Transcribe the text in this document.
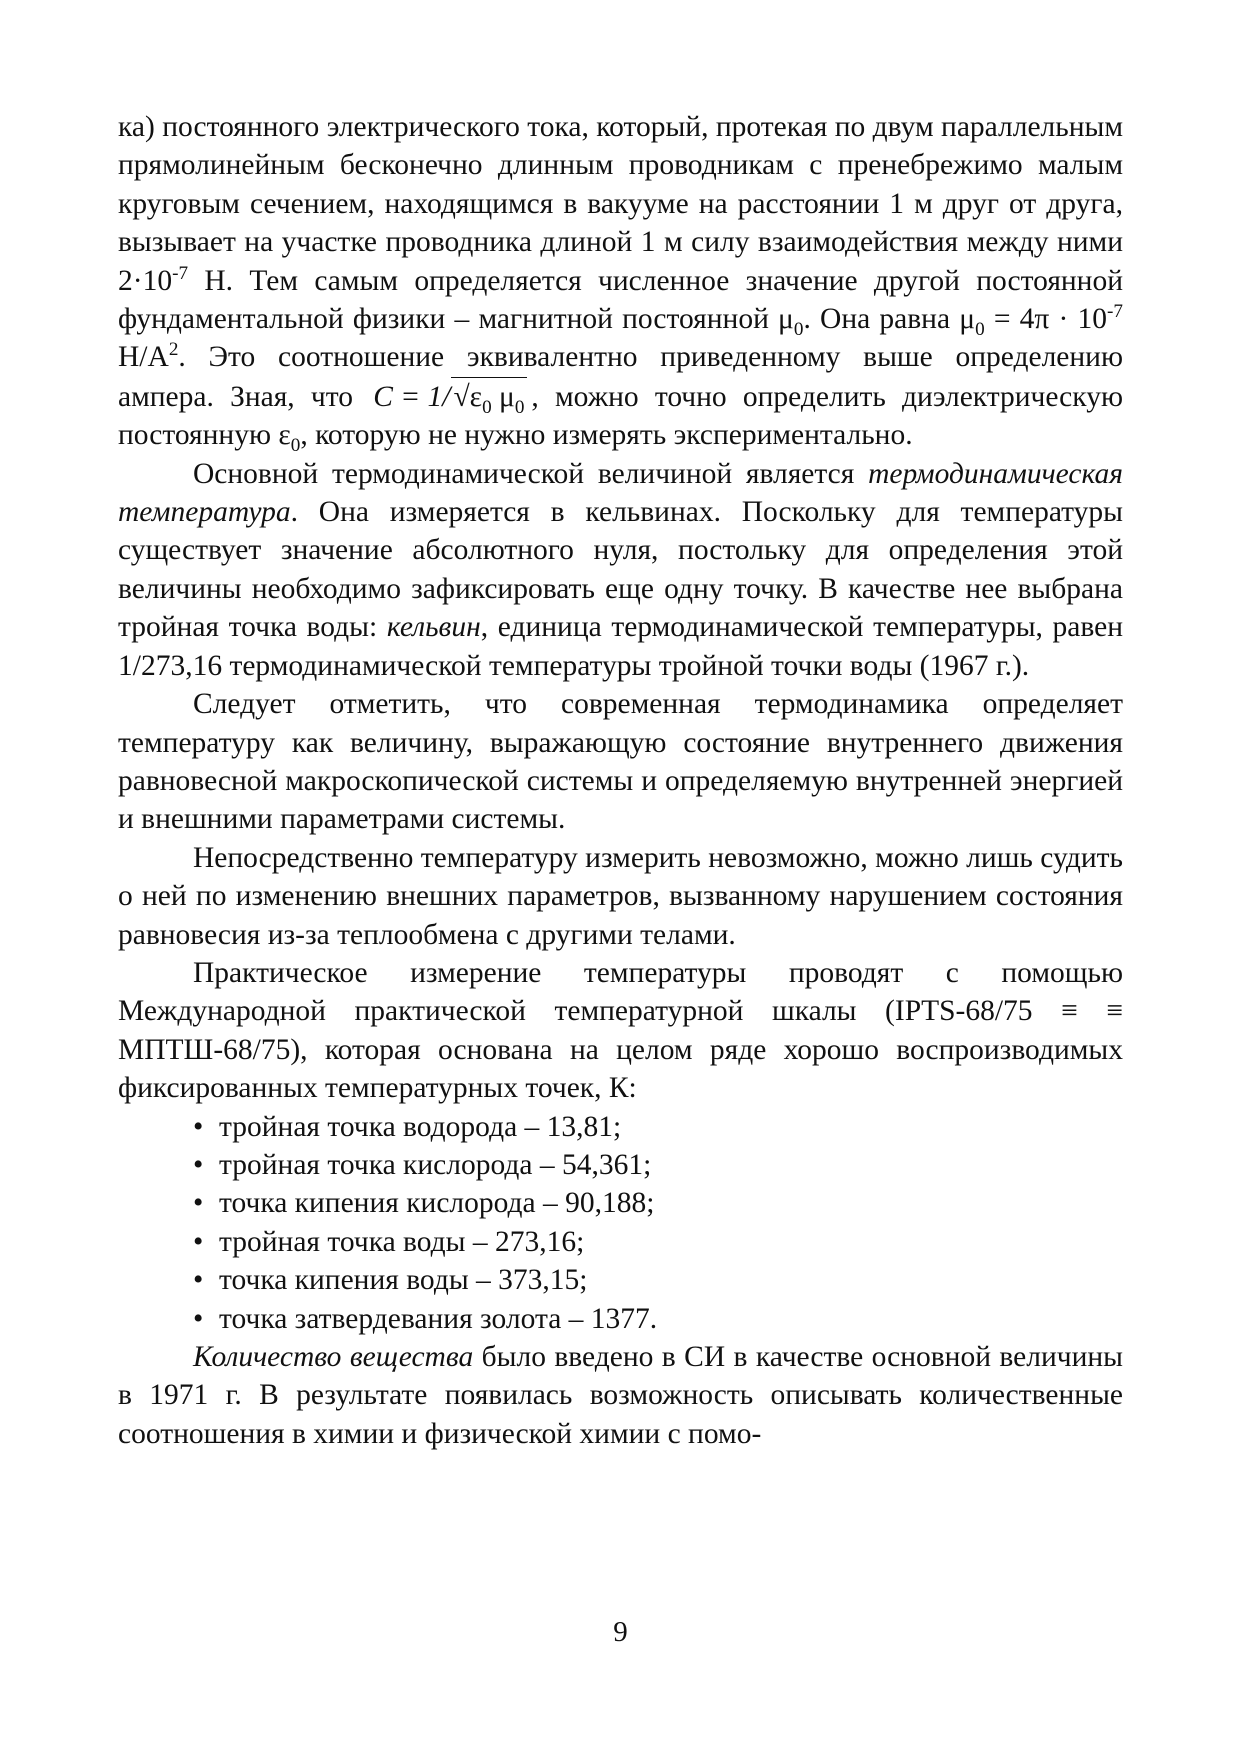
ка) постоянного электрического тока, который, протекая по двум параллельным прямолинейным бесконечно длинным проводникам с пренебрежимо малым круговым сечением, находящимся в вакууме на расстоянии 1 м друг от друга, вызывает на участке проводника длиной 1 м силу взаимодействия между ними $2\cdot 10^{-7}$ Н. Тем самым определяется численное значение другой постоянной фундаментальной физики – магнитной постоянной $\mu_0$. Она равна $\mu_0 = 4\pi \cdot 10^{-7}$ $Н/А^2$. Это соотношение эквивалентно приведенному выше определению ампера. Зная, что C = 1/ $√\varepsilon_0$ $\mu_0$ , можно точно определить диэлектрическую постоянную $\varepsilon_0$, которую не нужно измерять экспериментально.

Основной термодинамической величиной является термодинамическая температура. Она измеряется в кельвинах. Поскольку для температуры существует значение абсолютного нуля, постольку для определения этой величины необходимо зафиксировать еще одну точку. В качестве нее выбрана тройная точка воды: кельвин, единица термодинамической температуры, равен 1/273,16 термодинамической температуры тройной точки воды (1967 г.).

Следует отметить, что современная термодинамика определяет температуру как величину, выражающую состояние внутреннего движения равновесной макроскопической системы и определяемую внутренней энергией и внешними параметрами системы.

Непосредственно температуру измерить невозможно, можно лишь судить о ней по изменению внешних параметров, вызванному нарушением состояния равновесия из-за теплообмена с другими телами.

Практическое измерение температуры проводят с помощью Международной практической температурной шкалы (IPTS-68/75 ≡ ≡ МПТШ-68/75), которая основана на целом ряде хорошо воспроизводимых фиксированных температурных точек, К:

• тройная точка водорода – 13,81;
• тройная точка кислорода – 54,361;
• точка кипения кислорода – 90,188;
• тройная точка воды – 273,16;
• точка кипения воды – 373,15;
• точка затвердевания золота – 1377.

Количество вещества было введено в СИ в качестве основной величины в 1971 г. В результате появилась возможность описывать количественные соотношения в химии и физической химии с помо-

9
